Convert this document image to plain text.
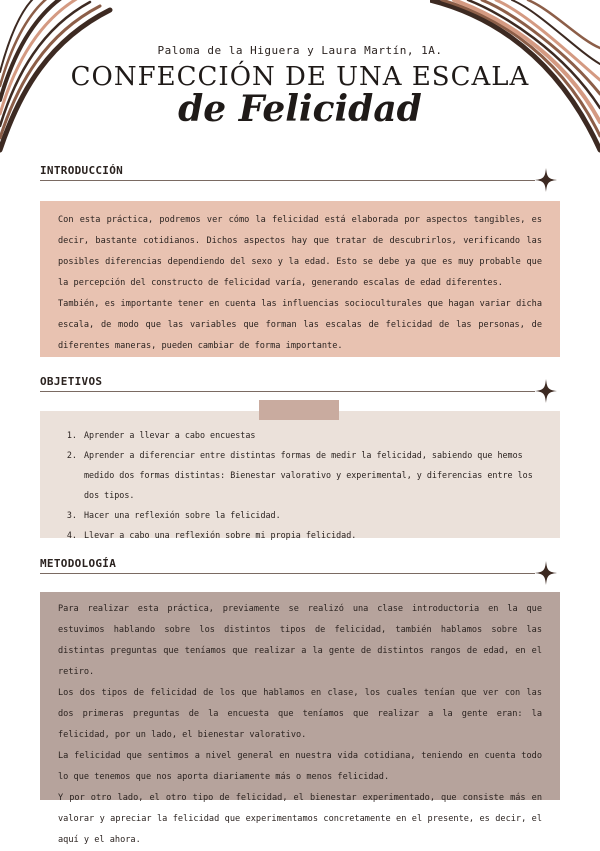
Paloma de la Higuera y Laura Martín, 1A.
CONFECCIÓN DE UNA ESCALA
de Felicidad
INTRODUCCIÓN

Con esta práctica, podremos ver cómo la felicidad está elaborada por aspectos tangibles, es decir, bastante cotidianos. Dichos aspectos hay que tratar de descubrirlos, verificando las posibles diferencias dependiendo del sexo y la edad. Esto se debe ya que es muy probable que la percepción del constructo de felicidad varía, generando escalas de edad diferentes.

También, es importante tener en cuenta las influencias socioculturales que hagan variar dicha escala, de modo que las variables que forman las escalas de felicidad de las personas, de diferentes maneras, pueden cambiar de forma importante.

OBJETIVOS
1. Aprender a llevar a cabo encuestas
2. Aprender a diferenciar entre distintas formas de medir la felicidad, sabiendo que hemos medido dos formas distintas: Bienestar valorativo y experimental, y diferencias entre los dos tipos.
3. Hacer una reflexión sobre la felicidad.
4. Llevar a cabo una reflexión sobre mi propia felicidad.
METODOLOGÍA

Para realizar esta práctica, previamente se realizó una clase introductoria en la que estuvimos hablando sobre los distintos tipos de felicidad, también hablamos sobre las distintas preguntas que teníamos que realizar a la gente de distintos rangos de edad, en el retiro.

Los dos tipos de felicidad de los que hablamos en clase, los cuales tenían que ver con las dos primeras preguntas de la encuesta que teníamos que realizar a la gente eran: la felicidad, por un lado, el bienestar valorativo.

La felicidad que sentimos a nivel general en nuestra vida cotidiana, teniendo en cuenta todo lo que tenemos que nos aporta diariamente más o menos felicidad.

Y por otro lado, el otro tipo de felicidad, el bienestar experimentado, que consiste más en valorar y apreciar la felicidad que experimentamos concretamente en el presente, es decir, el aquí y el ahora.
